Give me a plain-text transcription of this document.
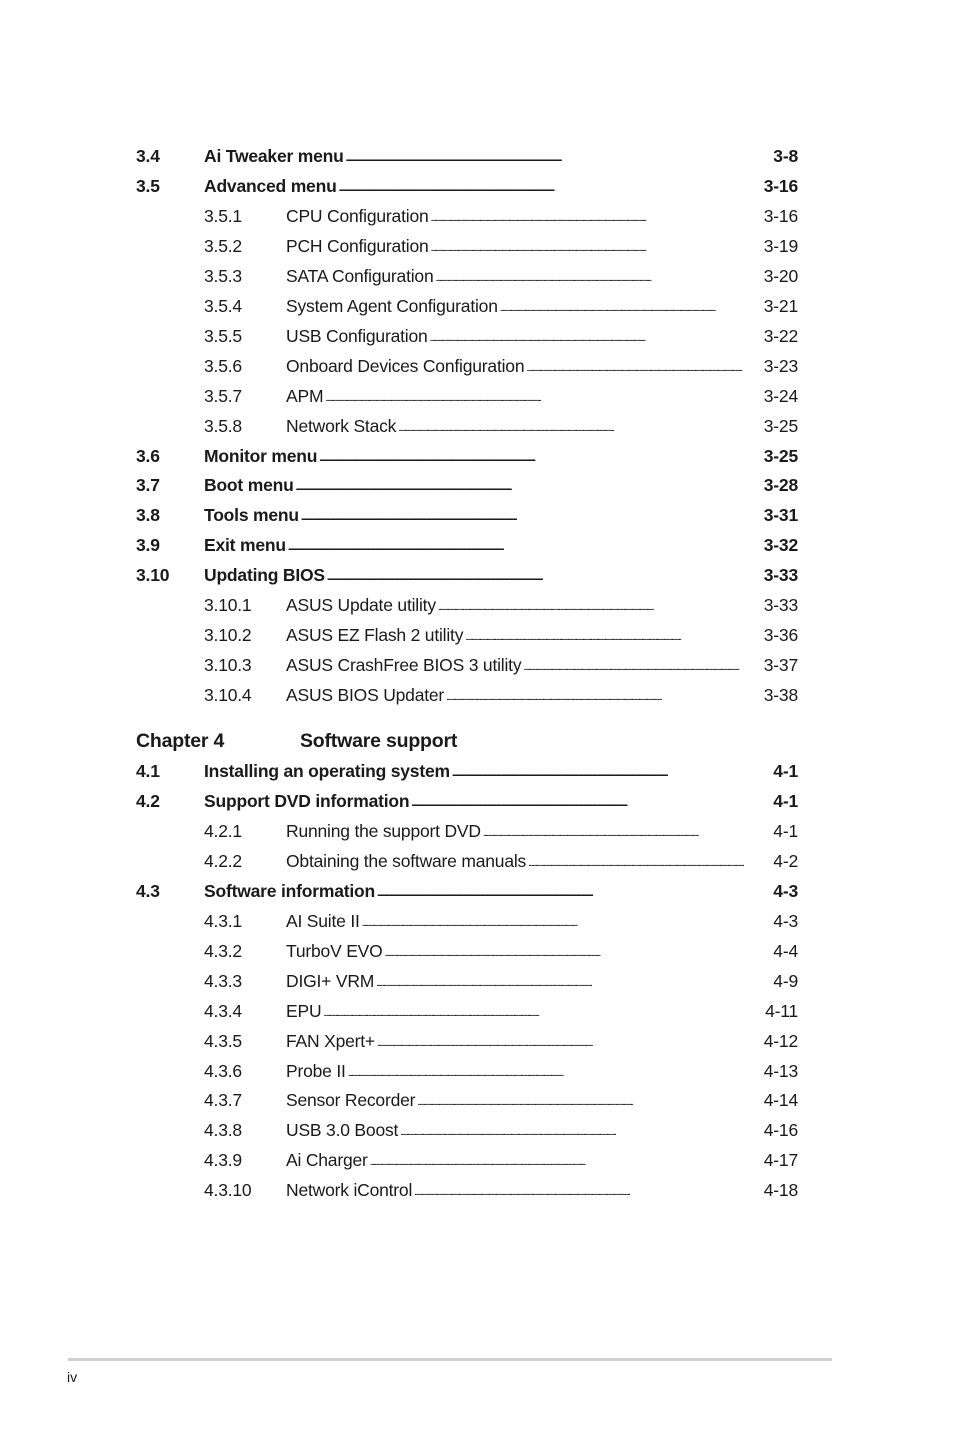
3.4	Ai Tweaker menu . . .	3-8
3.5	Advanced menu . . .	3-16
3.5.1	CPU Configuration . . .	3-16
3.5.2	PCH Configuration . . .	3-19
3.5.3	SATA Configuration . . .	3-20
3.5.4	System Agent Configuration . . .	3-21
3.5.5	USB Configuration . . .	3-22
3.5.6	Onboard Devices Configuration . . .	3-23
3.5.7	APM . . .	3-24
3.5.8	Network Stack . . .	3-25
3.6	Monitor menu . . .	3-25
3.7	Boot menu . . .	3-28
3.8	Tools menu . . .	3-31
3.9	Exit menu . . .	3-32
3.10	Updating BIOS . . .	3-33
3.10.1	ASUS Update utility . . .	3-33
3.10.2	ASUS EZ Flash 2 utility . . .	3-36
3.10.3	ASUS CrashFree BIOS 3 utility . . .	3-37
3.10.4	ASUS BIOS Updater . . .	3-38
4.1	Installing an operating system . . .	4-1
4.2	Support DVD information . . .	4-1
4.2.1	Running the support DVD . . .	4-1
4.2.2	Obtaining the software manuals . . .	4-2
4.3	Software information . . .	4-3
4.3.1	AI Suite II . . .	4-3
4.3.2	TurboV EVO . . .	4-4
4.3.3	DIGI+ VRM . . .	4-9
4.3.4	EPU . . .	4-11
4.3.5	FAN Xpert+ . . .	4-12
4.3.6	Probe II . . .	4-13
4.3.7	Sensor Recorder . . .	4-14
4.3.8	USB 3.0 Boost . . .	4-16
4.3.9	Ai Charger . . .	4-17
4.3.10	Network iControl . . .	4-18
Chapter 4	Software support
iv
